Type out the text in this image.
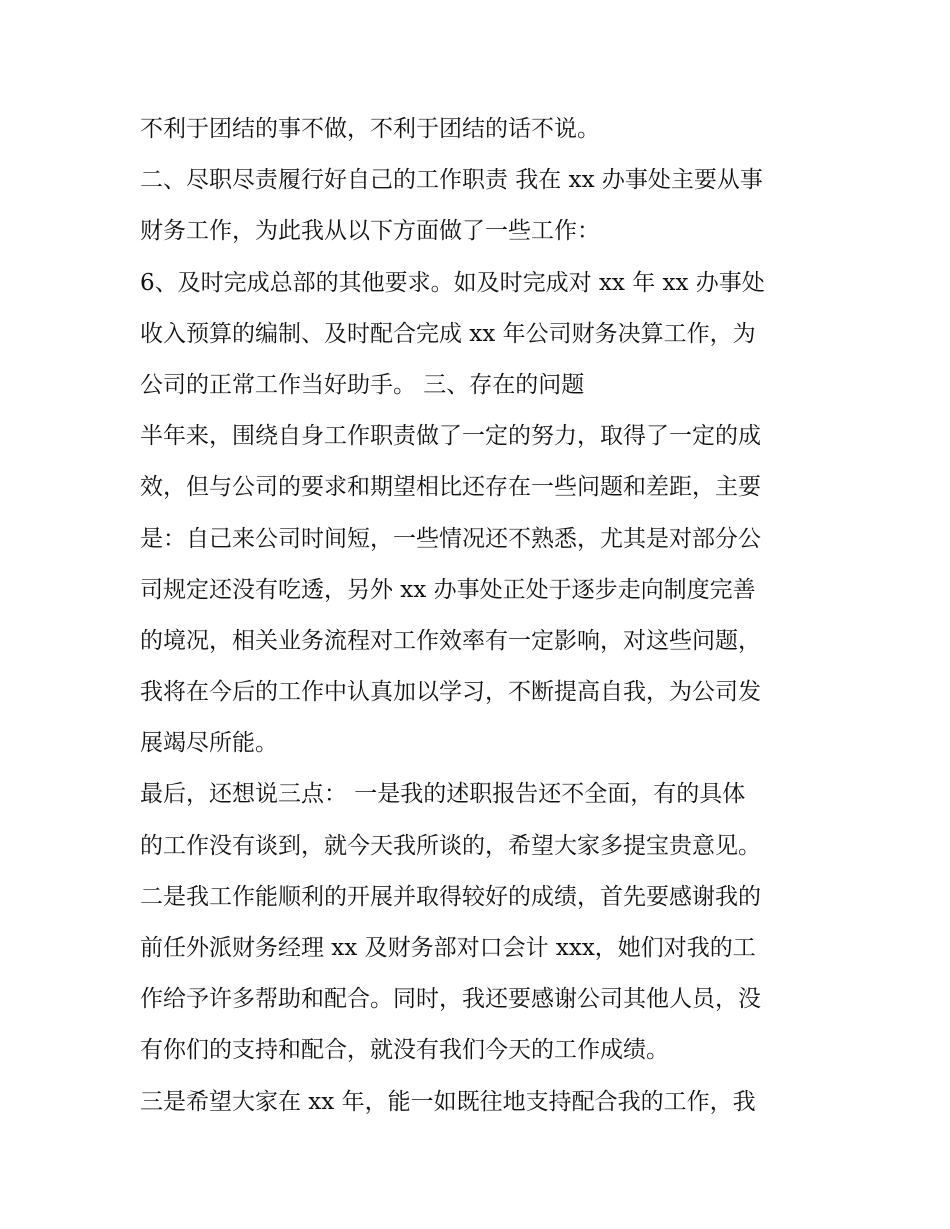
不利于团结的事不做，不利于团结的话不说。

二、尽职尽责履行好自己的工作职责 我在 xx 办事处主要从事

财务工作，为此我从以下方面做了一些工作：

6、及时完成总部的其他要求。如及时完成对 xx 年 xx 办事处

收入预算的编制、及时配合完成 xx 年公司财务决算工作，为

公司的正常工作当好助手。 三、存在的问题

半年来，围绕自身工作职责做了一定的努力，取得了一定的成

效，但与公司的要求和期望相比还存在一些问题和差距，主要

是：自己来公司时间短，一些情况还不熟悉，尤其是对部分公

司规定还没有吃透，另外 xx 办事处正处于逐步走向制度完善

的境况，相关业务流程对工作效率有一定影响，对这些问题，

我将在今后的工作中认真加以学习，不断提高自我，为公司发

展竭尽所能。

最后，还想说三点： 一是我的述职报告还不全面，有的具体

的工作没有谈到，就今天我所谈的，希望大家多提宝贵意见。

二是我工作能顺利的开展并取得较好的成绩，首先要感谢我的

前任外派财务经理 xx 及财务部对口会计 xxx，她们对我的工

作给予许多帮助和配合。同时，我还要感谢公司其他人员，没

有你们的支持和配合，就没有我们今天的工作成绩。

三是希望大家在 xx 年，能一如既往地支持配合我的工作，我
